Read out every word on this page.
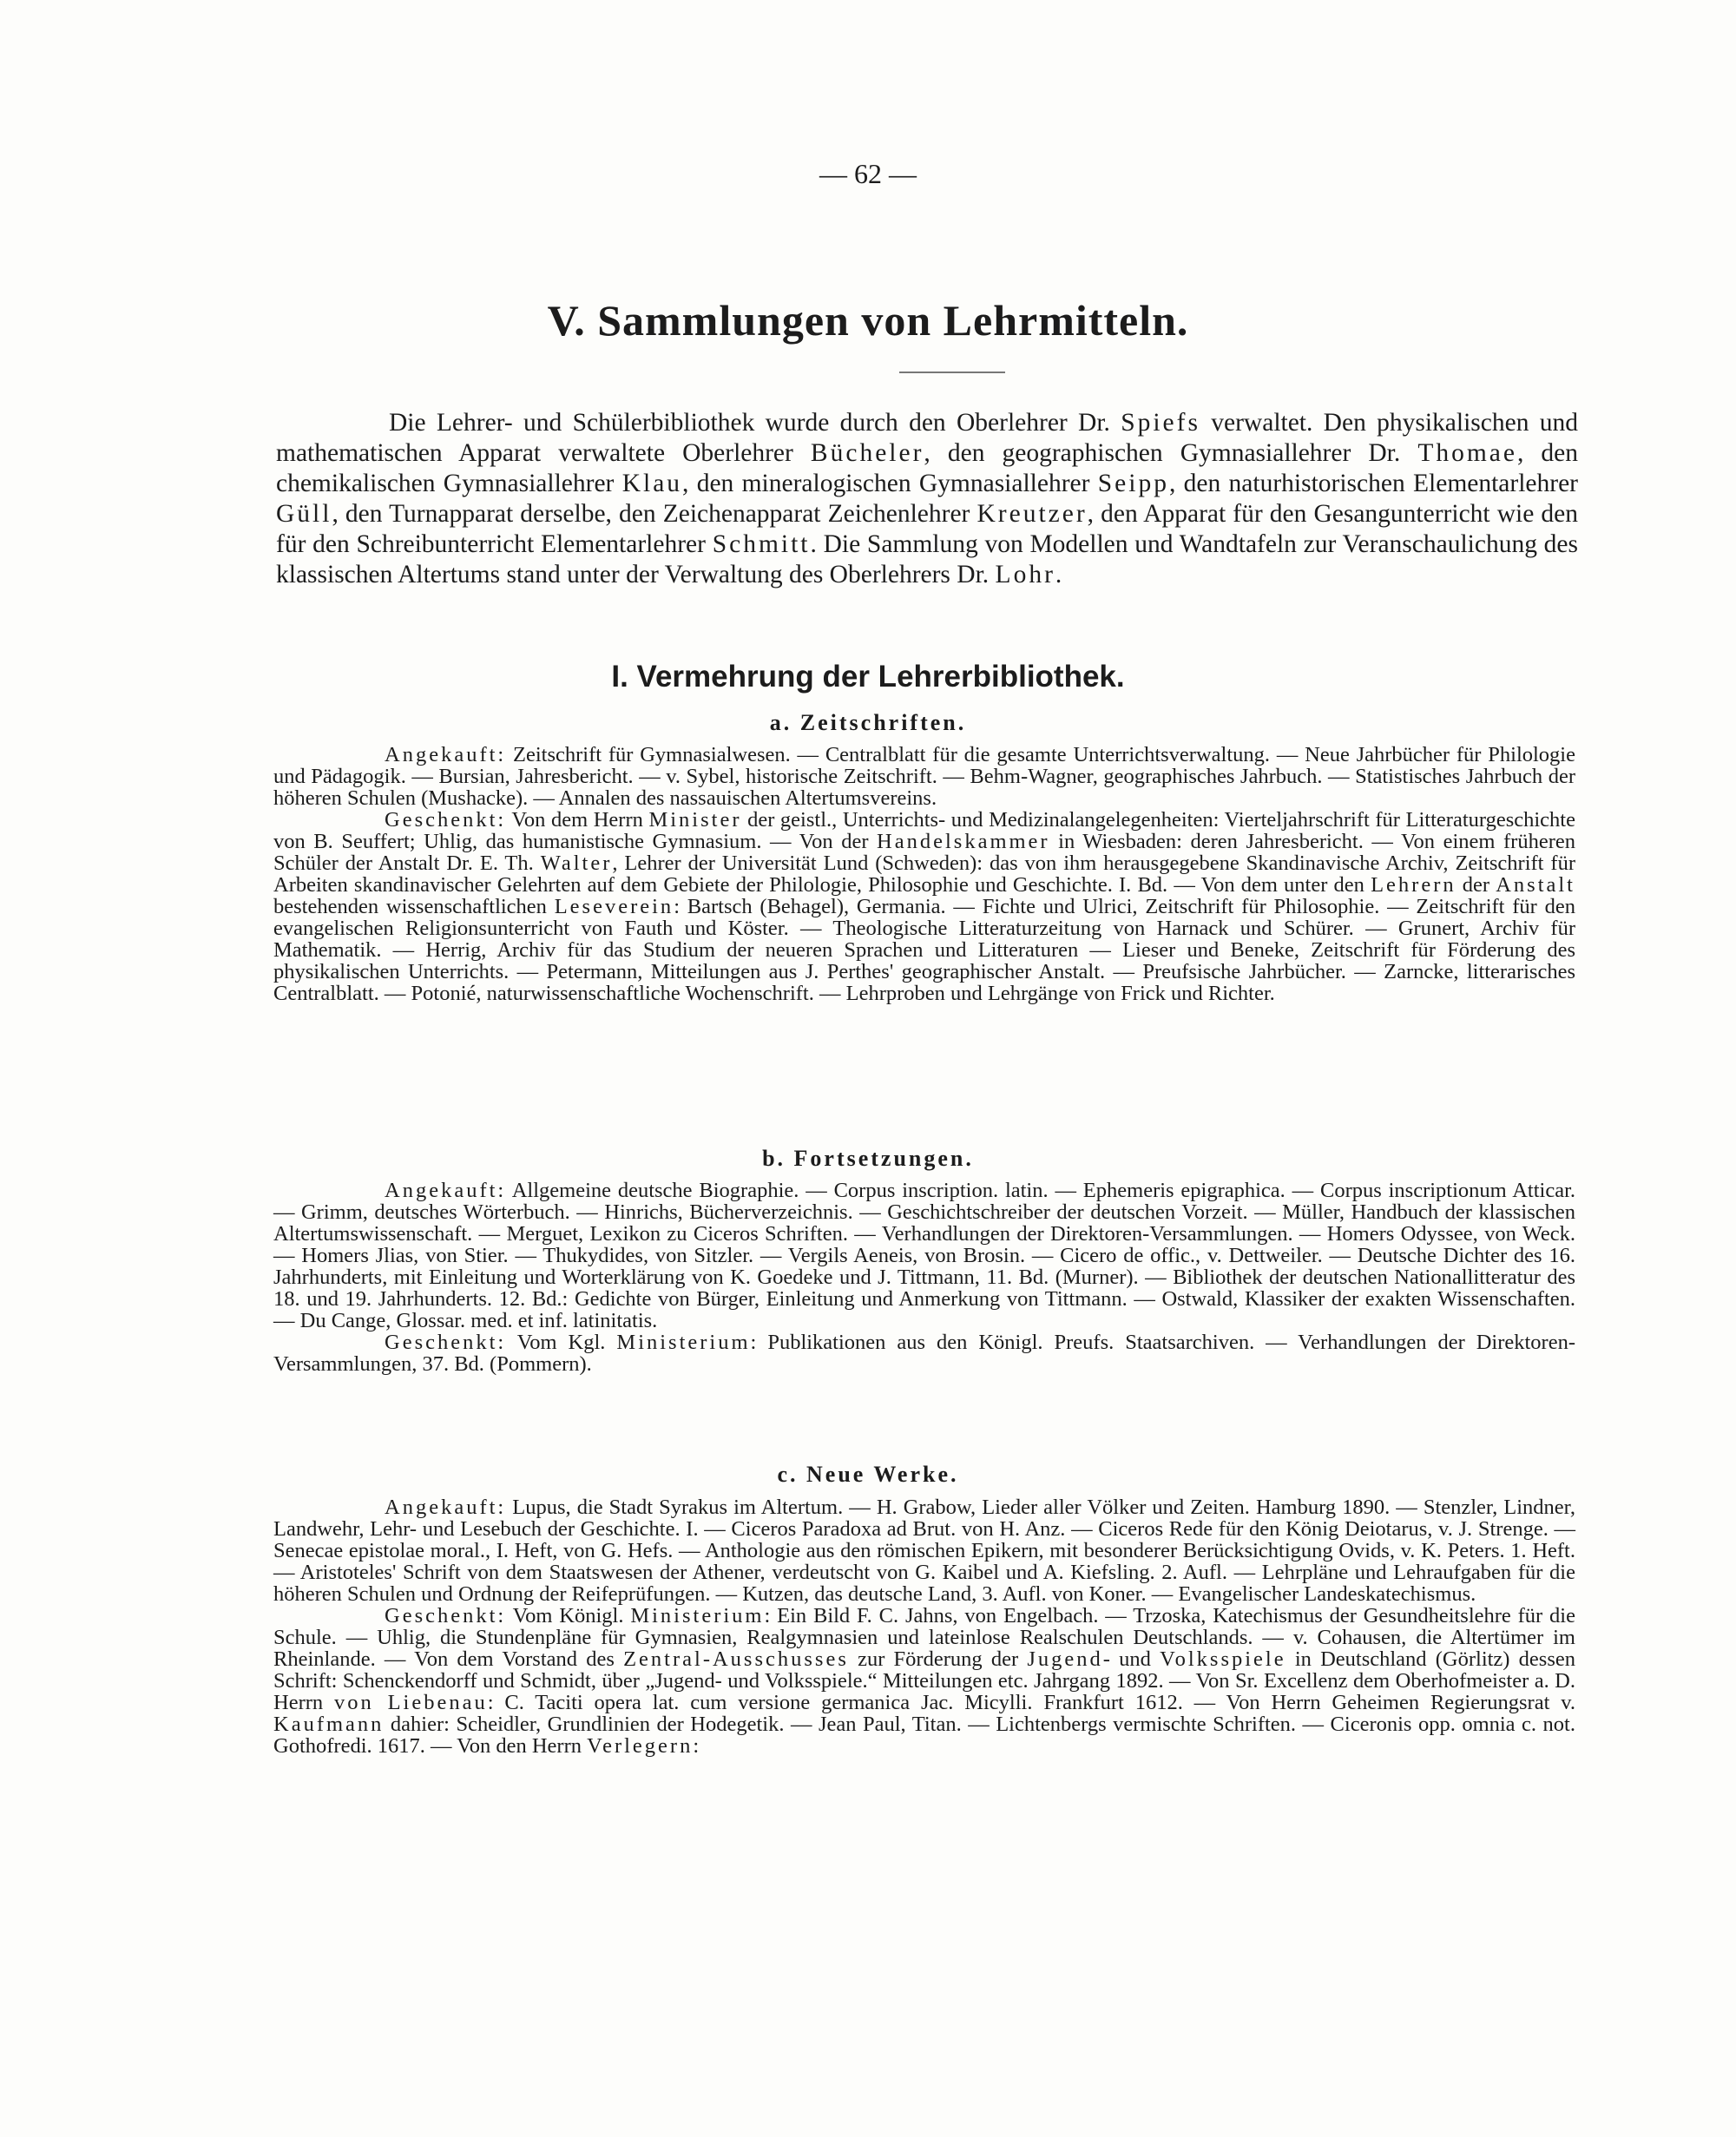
— 62 —
V. Sammlungen von Lehrmitteln.

Die Lehrer- und Schülerbibliothek wurde durch den Oberlehrer Dr. Spiefs verwaltet. Den physikalischen und mathematischen Apparat verwaltete Oberlehrer Bücheler, den geographischen Gymnasiallehrer Dr. Thomae, den chemikalischen Gymnasiallehrer Klau, den mineralogischen Gymnasiallehrer Seipp, den naturhistorischen Elementarlehrer Güll, den Turnapparat derselbe, den Zeichenapparat Zeichenlehrer Kreutzer, den Apparat für den Gesangunterricht wie den für den Schreibunterricht Elementarlehrer Schmitt. Die Sammlung von Modellen und Wandtafeln zur Veranschaulichung des klassischen Altertums stand unter der Verwaltung des Oberlehrers Dr. Lohr.

I. Vermehrung der Lehrerbibliothek.
a. Zeitschriften.

Angekauft: Zeitschrift für Gymnasialwesen. — Centralblatt für die gesamte Unterrichtsverwaltung. — Neue Jahrbücher für Philologie und Pädagogik. — Bursian, Jahresbericht. — v. Sybel, historische Zeitschrift. — Behm-Wagner, geographisches Jahrbuch. — Statistisches Jahrbuch der höheren Schulen (Mushacke). — Annalen des nassauischen Altertumsvereins.

Geschenkt: Von dem Herrn Minister der geistl., Unterrichts- und Medizinalangelegenheiten: Vierteljahrschrift für Litteraturgeschichte von B. Seuffert; Uhlig, das humanistische Gymnasium. — Von der Handelskammer in Wiesbaden: deren Jahresbericht. — Von einem früheren Schüler der Anstalt Dr. E. Th. Walter, Lehrer der Universität Lund (Schweden): das von ihm herausgegebene Skandinavische Archiv, Zeitschrift für Arbeiten skandinavischer Gelehrten auf dem Gebiete der Philologie, Philosophie und Geschichte. I. Bd. — Von dem unter den Lehrern der Anstalt bestehenden wissenschaftlichen Leseverein: Bartsch (Behagel), Germania. — Fichte und Ulrici, Zeitschrift für Philosophie. — Zeitschrift für den evangelischen Religionsunterricht von Fauth und Köster. — Theologische Litteraturzeitung von Harnack und Schürer. — Grunert, Archiv für Mathematik. — Herrig, Archiv für das Studium der neueren Sprachen und Litteraturen — Lieser und Beneke, Zeitschrift für Förderung des physikalischen Unterrichts. — Petermann, Mitteilungen aus J. Perthes' geographischer Anstalt. — Preufsische Jahrbücher. — Zarncke, litterarisches Centralblatt. — Potonié, naturwissenschaftliche Wochenschrift. — Lehrproben und Lehrgänge von Frick und Richter.

b. Fortsetzungen.

Angekauft: Allgemeine deutsche Biographie. — Corpus inscription. latin. — Ephemeris epigraphica. — Corpus inscriptionum Atticar. — Grimm, deutsches Wörterbuch. — Hinrichs, Bücherverzeichnis. — Geschichtschreiber der deutschen Vorzeit. — Müller, Handbuch der klassischen Altertumswissenschaft. — Merguet, Lexikon zu Ciceros Schriften. — Verhandlungen der Direktoren-Versammlungen. — Homers Odyssee, von Weck. — Homers Jlias, von Stier. — Thukydides, von Sitzler. — Vergils Aeneis, von Brosin. — Cicero de offic., v. Dettweiler. — Deutsche Dichter des 16. Jahrhunderts, mit Einleitung und Worterklärung von K. Goedeke und J. Tittmann, 11. Bd. (Murner). — Bibliothek der deutschen Nationallitteratur des 18. und 19. Jahrhunderts. 12. Bd.: Gedichte von Bürger, Einleitung und Anmerkung von Tittmann. — Ostwald, Klassiker der exakten Wissenschaften. — Du Cange, Glossar. med. et inf. latinitatis.

Geschenkt: Vom Kgl. Ministerium: Publikationen aus den Königl. Preufs. Staatsarchiven. — Verhandlungen der Direktoren-Versammlungen, 37. Bd. (Pommern).

c. Neue Werke.

Angekauft: Lupus, die Stadt Syrakus im Altertum. — H. Grabow, Lieder aller Völker und Zeiten. Hamburg 1890. — Stenzler, Lindner, Landwehr, Lehr- und Lesebuch der Geschichte. I. — Ciceros Paradoxa ad Brut. von H. Anz. — Ciceros Rede für den König Deiotarus, v. J. Strenge. — Senecae epistolae moral., I. Heft, von G. Hefs. — Anthologie aus den römischen Epikern, mit besonderer Berücksichtigung Ovids, v. K. Peters. 1. Heft. — Aristoteles' Schrift von dem Staatswesen der Athener, verdeutscht von G. Kaibel und A. Kiefsling. 2. Aufl. — Lehrpläne und Lehraufgaben für die höheren Schulen und Ordnung der Reifeprüfungen. — Kutzen, das deutsche Land, 3. Aufl. von Koner. — Evangelischer Landeskatechismus.

Geschenkt: Vom Königl. Ministerium: Ein Bild F. C. Jahns, von Engelbach. — Trzoska, Katechismus der Gesundheitslehre für die Schule. — Uhlig, die Stundenpläne für Gymnasien, Realgymnasien und lateinlose Realschulen Deutschlands. — v. Cohausen, die Altertümer im Rheinlande. — Von dem Vorstand des Zentral-Ausschusses zur Förderung der Jugend- und Volksspiele in Deutschland (Görlitz) dessen Schrift: Schenckendorff und Schmidt, über „Jugend- und Volksspiele.“ Mitteilungen etc. Jahrgang 1892. — Von Sr. Excellenz dem Oberhofmeister a. D. Herrn von Liebenau: C. Taciti opera lat. cum versione germanica Jac. Micylli. Frankfurt 1612. — Von Herrn Geheimen Regierungsrat v. Kaufmann dahier: Scheidler, Grundlinien der Hodegetik. — Jean Paul, Titan. — Lichtenbergs vermischte Schriften. — Ciceronis opp. omnia c. not. Gothofredi. 1617. — Von den Herrn Verlegern:
